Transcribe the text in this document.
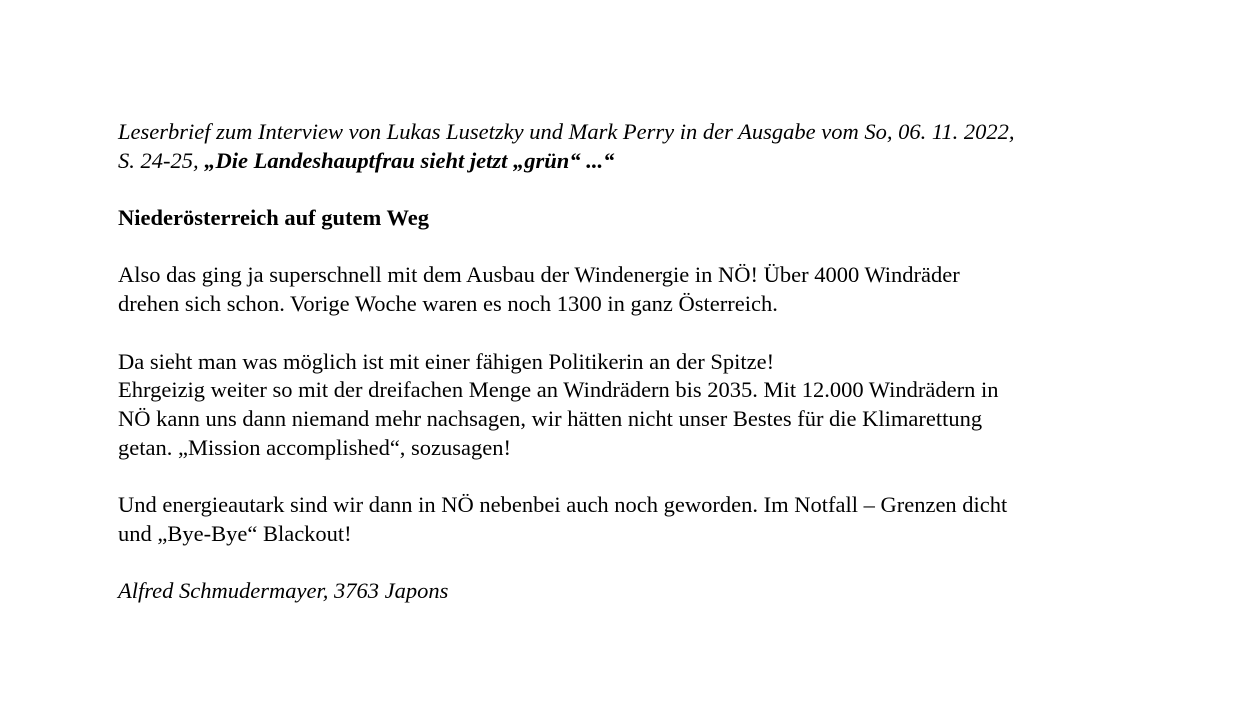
Leserbrief zum Interview von Lukas Lusetzky und Mark Perry in der Ausgabe vom So, 06. 11. 2022,
S. 24-25, „Die Landeshauptfrau sieht jetzt „grün“ ...“

Niederösterreich auf gutem Weg

Also das ging ja superschnell mit dem Ausbau der Windenergie in NÖ! Über 4000 Windräder
drehen sich schon. Vorige Woche waren es noch 1300 in ganz Österreich.

Da sieht man was möglich ist mit einer fähigen Politikerin an der Spitze!
Ehrgeizig weiter so mit der dreifachen Menge an Windrädern bis 2035. Mit 12.000 Windrädern in
NÖ kann uns dann niemand mehr nachsagen, wir hätten nicht unser Bestes für die Klimarettung
getan. „Mission accomplished“, sozusagen!

Und energieautark sind wir dann in NÖ nebenbei auch noch geworden. Im Notfall – Grenzen dicht
und „Bye-Bye“ Blackout!

Alfred Schmudermayer, 3763 Japons
